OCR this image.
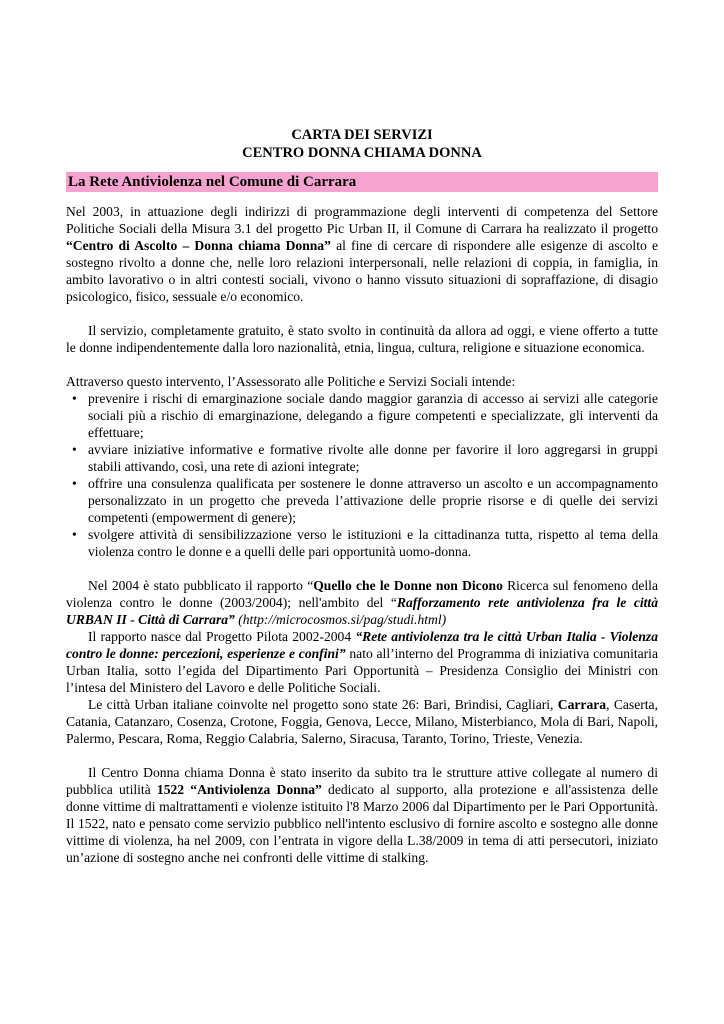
CARTA DEI SERVIZI
CENTRO DONNA CHIAMA DONNA
La Rete Antiviolenza nel Comune di Carrara

Nel 2003, in attuazione degli indirizzi di programmazione degli interventi di competenza del Settore Politiche Sociali della Misura 3.1 del progetto Pic Urban II, il Comune di Carrara ha realizzato il progetto “Centro di Ascolto – Donna chiama Donna” al fine di cercare di rispondere alle esigenze di ascolto e sostegno rivolto a donne che, nelle loro relazioni interpersonali, nelle relazioni di coppia, in famiglia, in ambito lavorativo o in altri contesti sociali, vivono o hanno vissuto situazioni di sopraffazione, di disagio psicologico, fisico, sessuale e/o economico.

Il servizio, completamente gratuito, è stato svolto in continuità da allora ad oggi, e viene offerto a tutte le donne indipendentemente dalla loro nazionalità, etnia, lingua, cultura, religione e situazione economica.

Attraverso questo intervento, l’Assessorato alle Politiche e Servizi Sociali intende:

• prevenire i rischi di emarginazione sociale dando maggior garanzia di accesso ai servizi alle categorie sociali più a rischio di emarginazione, delegando a figure competenti e specializzate, gli interventi da effettuare;
• avviare iniziative informative e formative rivolte alle donne per favorire il loro aggregarsi in gruppi stabili attivando, così, una rete di azioni integrate;
• offrire una consulenza qualificata per sostenere le donne attraverso un ascolto e un accompagnamento personalizzato in un progetto che preveda l’attivazione delle proprie risorse e di quelle dei servizi competenti (empowerment di genere);
• svolgere attività di sensibilizzazione verso le istituzioni e la cittadinanza tutta, rispetto al tema della violenza contro le donne e a quelli delle pari opportunità uomo-donna.

Nel 2004 è stato pubblicato il rapporto “Quello che le Donne non Dicono Ricerca sul fenomeno della violenza contro le donne (2003/2004); nell'ambito del “Rafforzamento rete antiviolenza fra le città URBAN II - Città di Carrara” (http://microcosmos.si/pag/studi.html)

Il rapporto nasce dal Progetto Pilota 2002-2004 “Rete antiviolenza tra le città Urban Italia - Violenza contro le donne: percezioni, esperienze e confini” nato all’interno del Programma di iniziativa comunitaria Urban Italia, sotto l’egida del Dipartimento Pari Opportunità – Presidenza Consiglio dei Ministri con l’intesa del Ministero del Lavoro e delle Politiche Sociali.

Le città Urban italiane coinvolte nel progetto sono state 26: Bari, Brindisi, Cagliari, Carrara, Caserta, Catania, Catanzaro, Cosenza, Crotone, Foggia, Genova, Lecce, Milano, Misterbianco, Mola di Bari, Napoli, Palermo, Pescara, Roma, Reggio Calabria, Salerno, Siracusa, Taranto, Torino, Trieste, Venezia.

Il Centro Donna chiama Donna è stato inserito da subito tra le strutture attive collegate al numero di pubblica utilità 1522 “Antiviolenza Donna” dedicato al supporto, alla protezione e all'assistenza delle donne vittime di maltrattamenti e violenze istituito l'8 Marzo 2006 dal Dipartimento per le Pari Opportunità. Il 1522, nato e pensato come servizio pubblico nell'intento esclusivo di fornire ascolto e sostegno alle donne vittime di violenza, ha nel 2009, con l’entrata in vigore della L.38/2009 in tema di atti persecutori, iniziato un’azione di sostegno anche nei confronti delle vittime di stalking.
